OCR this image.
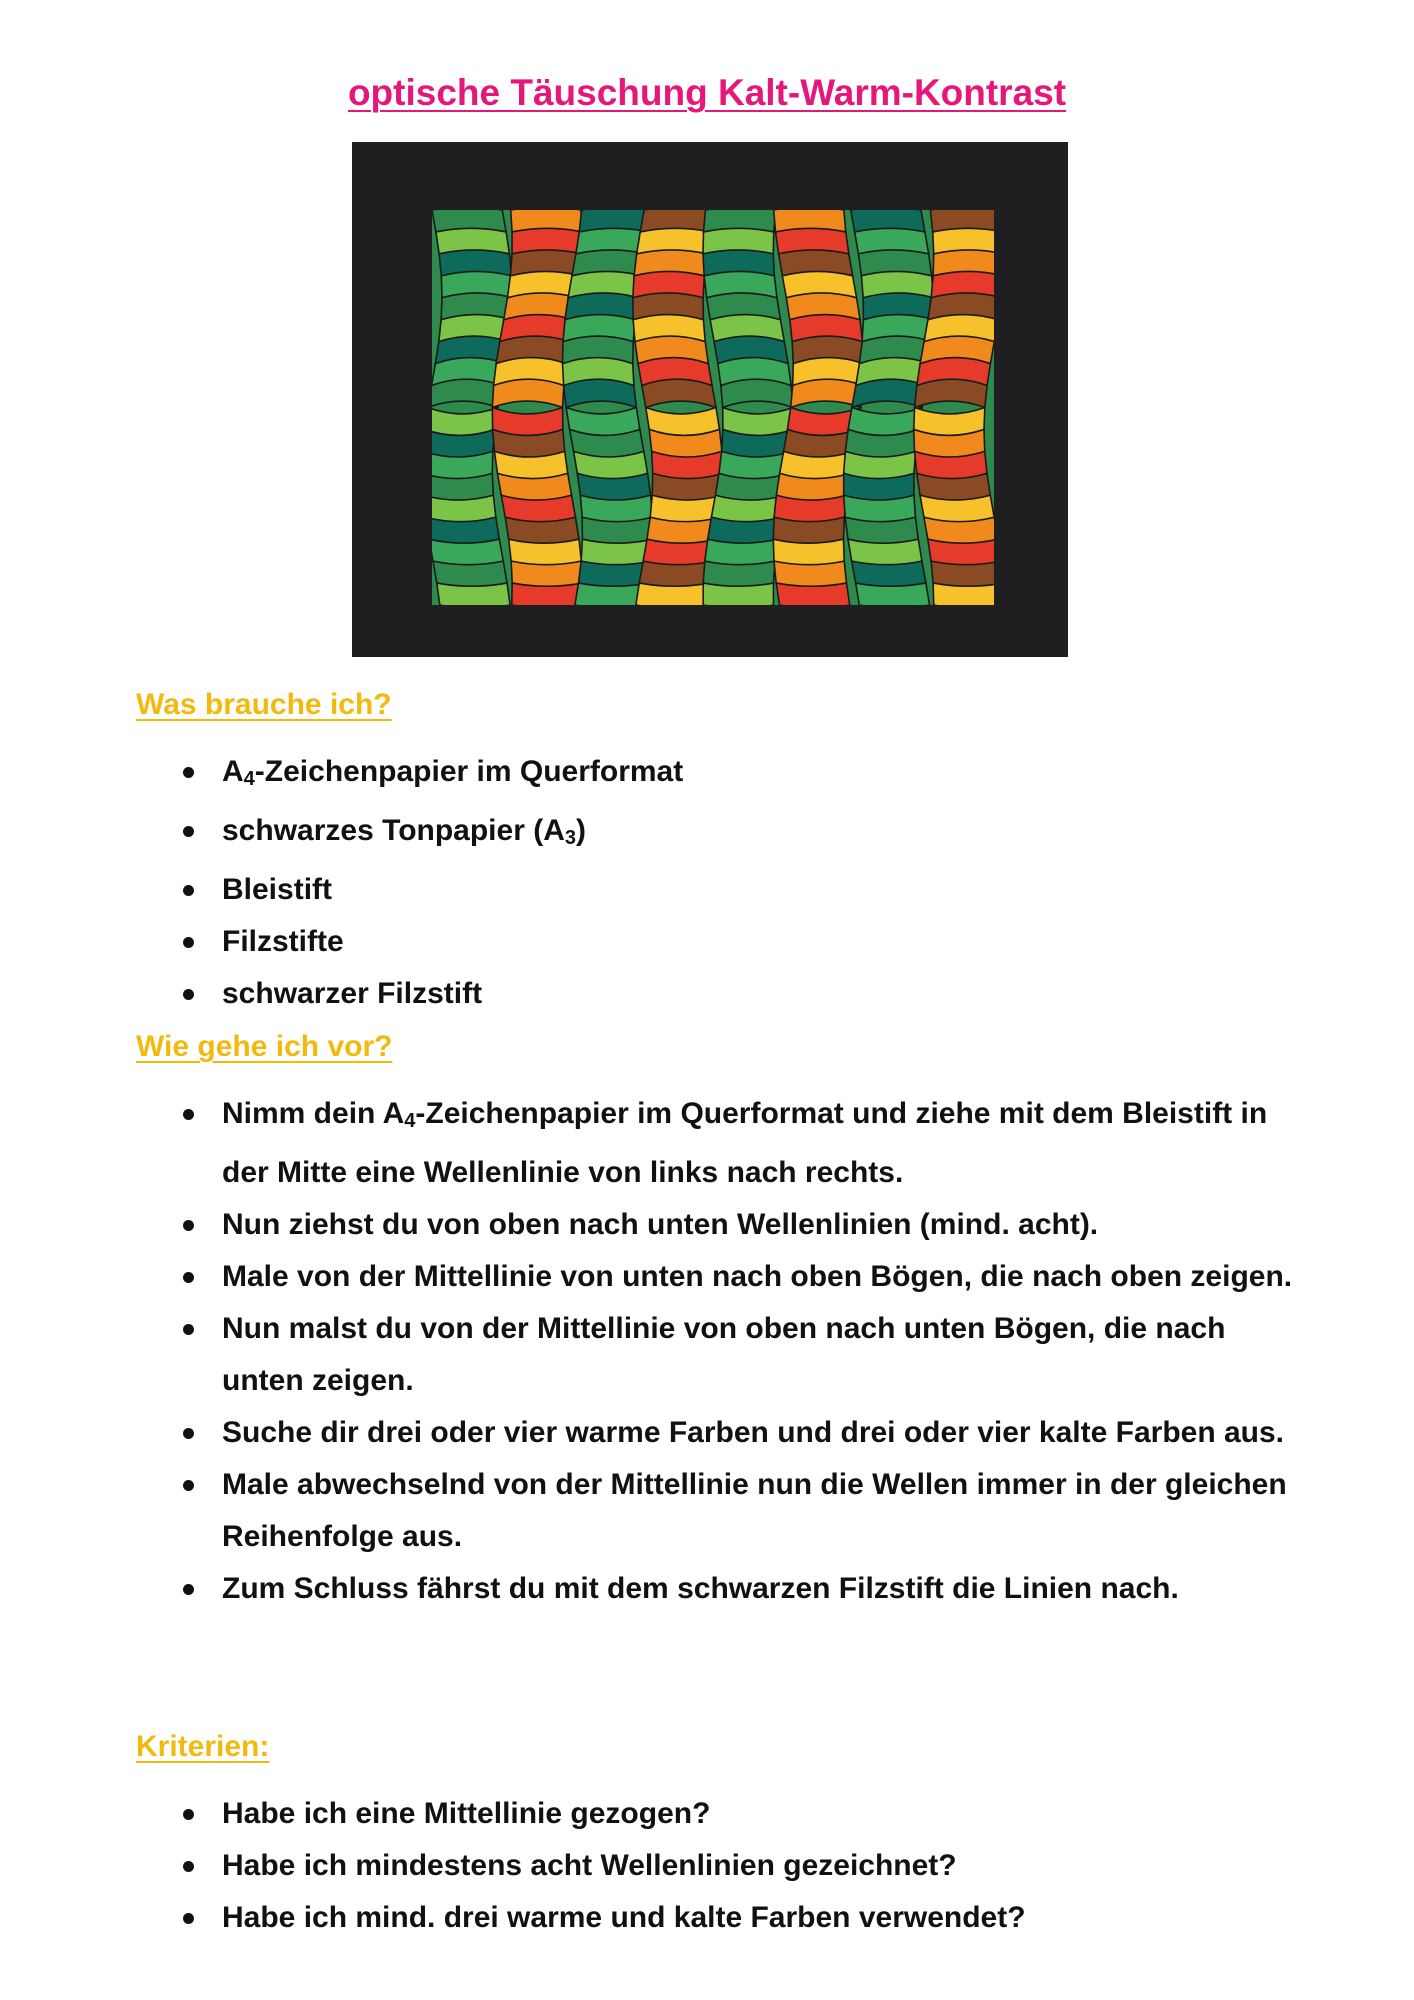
optische Täuschung Kalt-Warm-Kontrast
Was brauche ich?
$A_4$-Zeichenpapier im Querformat
schwarzes Tonpapier $(A_3)$
Bleistift
Filzstifte
schwarzer Filzstift
Wie gehe ich vor?
Nimm dein $A_4$-Zeichenpapier im Querformat und ziehe mit dem Bleistift in der Mitte eine Wellenlinie von links nach rechts.
Nun ziehst du von oben nach unten Wellenlinien (mind. acht).
Male von der Mittellinie von unten nach oben Bögen, die nach oben zeigen.
Nun malst du von der Mittellinie von oben nach unten Bögen, die nach unten zeigen.
Suche dir drei oder vier warme Farben und drei oder vier kalte Farben aus.
Male abwechselnd von der Mittellinie nun die Wellen immer in der gleichen Reihenfolge aus.
Zum Schluss fährst du mit dem schwarzen Filzstift die Linien nach.
Kriterien:
Habe ich eine Mittellinie gezogen?
Habe ich mindestens acht Wellenlinien gezeichnet?
Habe ich mind. drei warme und kalte Farben verwendet?
